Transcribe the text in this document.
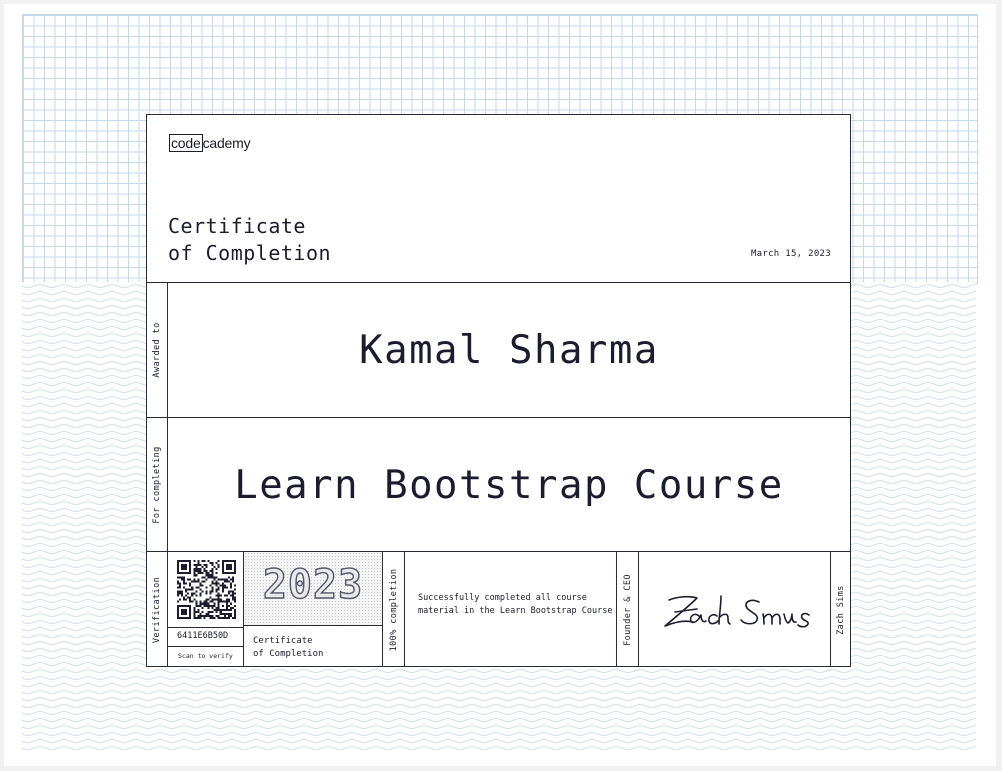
code cademy
Certificate
of Completion	March 15, 2023
Awarded to	Kamal Sharma
For completing	Learn Bootstrap Course
Verification	6411E6B50D
Scan to verify
2023
Certificate
of Completion
100% completion Successfully completed all course material in the Learn Bootstrap Course Founder & CEO	Zach Sims
